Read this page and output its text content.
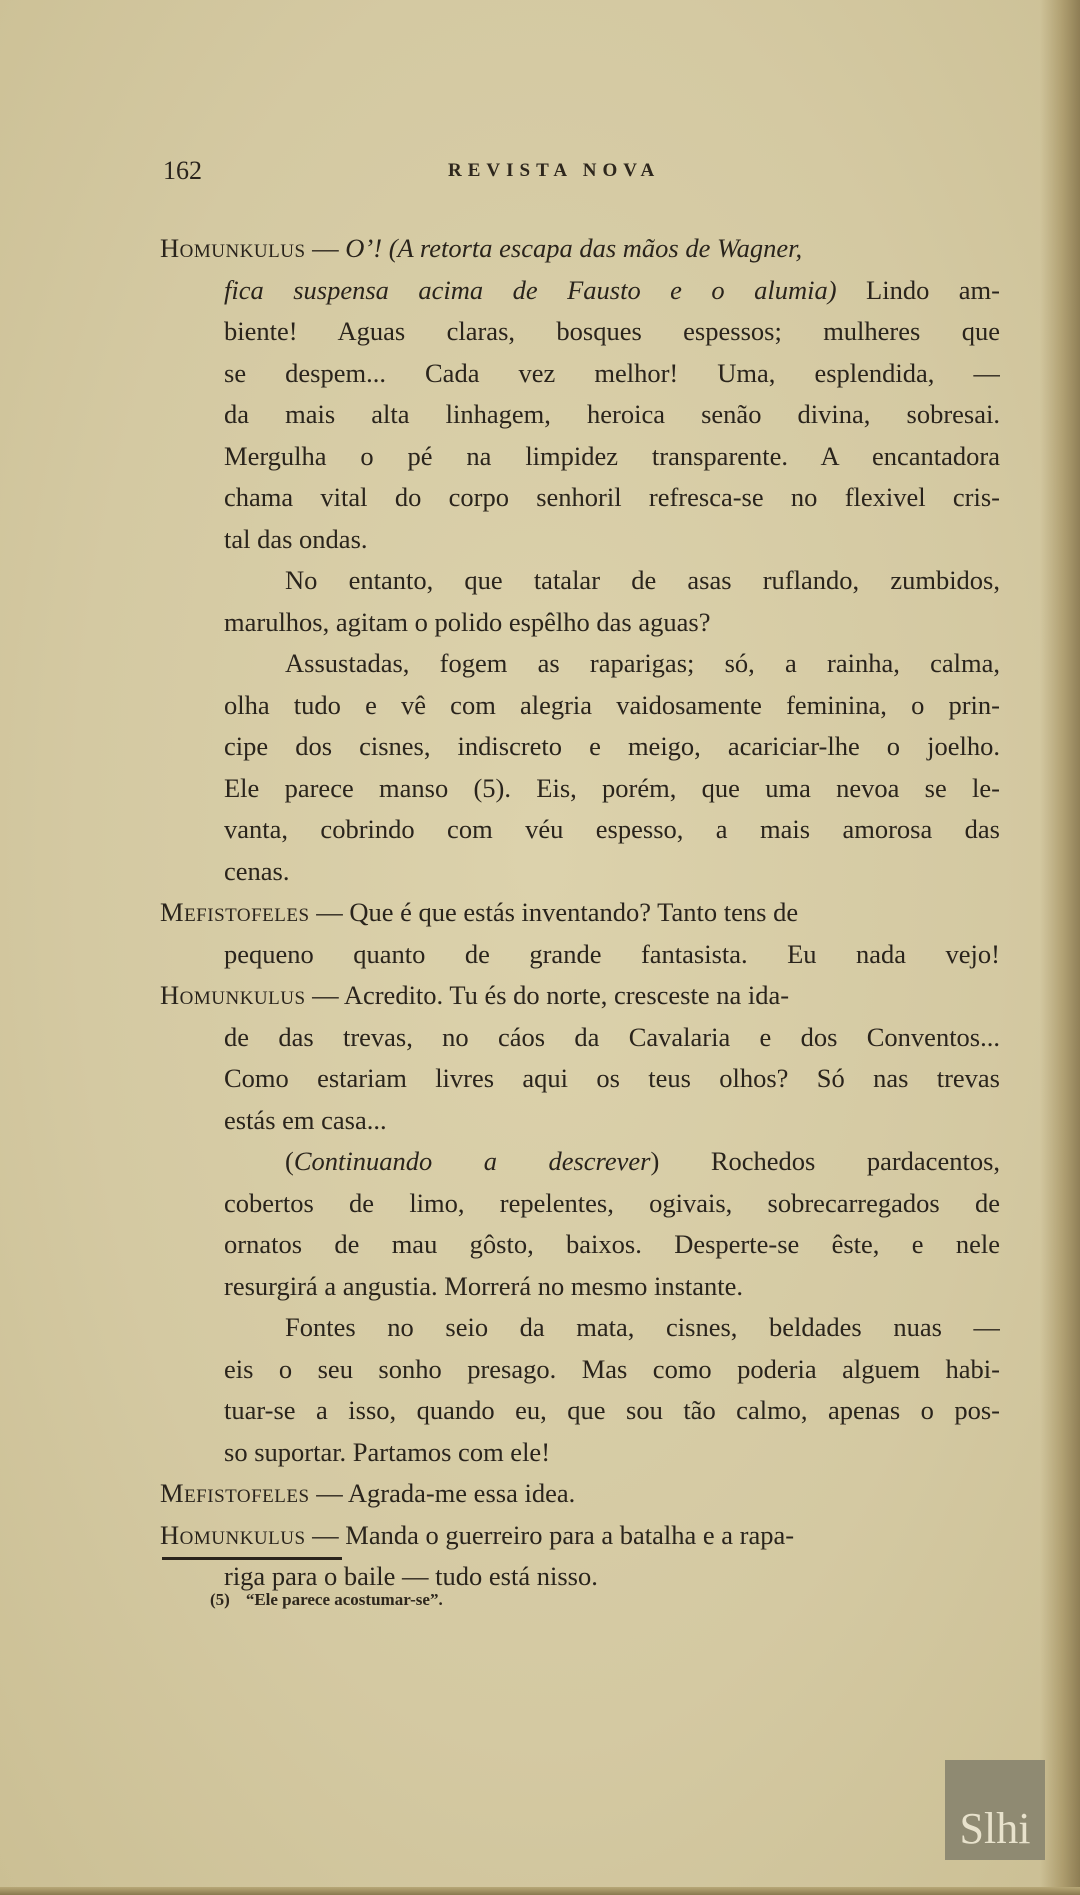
162	REVISTA NOVA
Homunkulus — O’! (A retorta escapa das mãos de Wagner,
fica suspensa acima de Fausto e o alumia) Lindo am-
biente! Aguas claras, bosques espessos; mulheres que
se despem... Cada vez melhor! Uma, esplendida, —
da mais alta linhagem, heroica senão divina, sobresai.
Mergulha o pé na limpidez transparente. A encantadora
chama vital do corpo senhoril refresca-se no flexivel cris-
tal das ondas.
No entanto, que tatalar de asas ruflando, zumbidos,
marulhos, agitam o polido espêlho das aguas?
Assustadas, fogem as raparigas; só, a rainha, calma,
olha tudo e vê com alegria vaidosamente feminina, o prin-
cipe dos cisnes, indiscreto e meigo, acariciar-lhe o joelho.
Ele parece manso (5). Eis, porém, que uma nevoa se le-
vanta, cobrindo com véu espesso, a mais amorosa das
cenas.
Mefistofeles — Que é que estás inventando? Tanto tens de
pequeno quanto de grande fantasista. Eu nada vejo!
Homunkulus — Acredito. Tu és do norte, cresceste na ida-
de das trevas, no cáos da Cavalaria e dos Conventos...
Como estariam livres aqui os teus olhos? Só nas trevas
estás em casa...
(Continuando a descrever) Rochedos pardacentos,
cobertos de limo, repelentes, ogivais, sobrecarregados de
ornatos de mau gôsto, baixos. Desperte-se êste, e nele
resurgirá a angustia. Morrerá no mesmo instante.
Fontes no seio da mata, cisnes, beldades nuas —
eis o seu sonho presago. Mas como poderia alguem habi-
tuar-se a isso, quando eu, que sou tão calmo, apenas o pos-
so suportar. Partamos com ele!
Mefistofeles — Agrada-me essa idea.
Homunkulus — Manda o guerreiro para a batalha e a rapa-
riga para o baile — tudo está nisso.
(5) “Ele parece acostumar-se”.
Slhi
